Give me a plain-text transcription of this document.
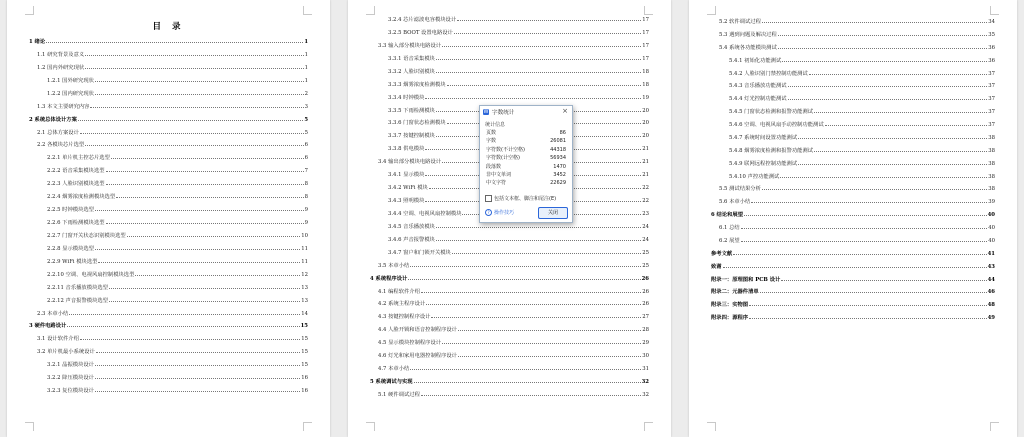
目 录
1 绪论	1
1.1 研究背景及意义	1
1.2 国内外研究现状	1
1.2.1 国外研究现状	1
1.2.2 国内研究现状	2
1.3 本文主要研究内容	3
2 系统总体设计方案	5
2.1 总体方案设计	5
2.2 各模块芯片选型	6
2.2.1 单片机主控芯片选型	6
2.2.2 语音采集模块选型	7
2.2.3 人脸识别模块选型	8
2.2.4 烟雾浓度检测模块选型	8
2.2.5 时钟模块选型	9
2.2.6 下雨检测模块选型	9
2.2.7 门窗开关状态识别模块选型	10
2.2.8 显示模块选型	11
2.2.9 WiFi 模块选型	11
2.2.10 空调、电视风扇控制模块选型	12
2.2.11 音乐播放模块选型	13
2.2.12 声音报警模块选型	13
2.3 本章小结	14
3 硬件电路设计	15
3.1 设计软件介绍	15
3.2 单片机最小系统设计	15
3.2.1 晶振模块设计	15
3.2.2 降压模块设计	16
3.2.3 复位模块设计	16
3.2.4 芯片滤波电容模块设计	17
3.2.5 BOOT 设置电路设计	17
3.3 输入部分模块电路设计	17
3.3.1 语音采集模块	17
3.3.2 人脸识别模块	18
3.3.3 烟雾浓度检测模块	18
3.3.4 时钟模块	19
3.3.5 下雨检测模块	20
3.3.6 门窗状态检测模块	20
3.3.7 按键控制模块	20
3.3.8 供电模块	21
3.4 输出部分模块电路设计	21
3.4.1 显示模块	21
3.4.2 WiFi 模块	22
3.4.3 照明模块	22
3.4.4 空调、电视风扇控制模块	23
3.4.5 音乐播放模块	24
3.4.6 声音报警模块	24
3.4.7 窗户和门锁开关模块	25
3.5 本章小结	25
4 系统程序设计	26
4.1 编程软件介绍	26
4.2 系统主程序设计	26
4.3 按键控制程序设计	27
4.4 人脸开锁和语音控制程序设计	28
4.5 显示模块控制程序设计	29
4.6 灯光和家用电器控制程序设计	30
4.7 本章小结	31
5 系统调试与实现	32
5.1 硬件调试过程	32
5.2 软件调试过程	34
5.3 遇到问题及解决过程	35
5.4 系统各功能模块测试	36
5.4.1 初始化功能测试	36
5.4.2 人脸识别门禁控制功能测试	37
5.4.3 音乐播放功能测试	37
5.4.4 灯光控制功能测试	37
5.4.5 门窗状态检测和报警功能测试	37
5.4.6 空调、电视风扇手动控制功能测试	37
5.4.7 系统时间设置功能测试	38
5.4.8 烟雾浓度检测和报警功能测试	38
5.4.9 联网远程控制功能测试	38
5.4.10 声控功能测试	38
5.5 测试结果分析	38
5.6 本章小结	39
6 结论和展望	40
6.1 总结	40
6.2 展望	40
参考文献	41
致谢	43
附录一：原理图和 PCB 设计	44
附录二：元器件清单	46
附录三：实物图	48
附录四：源程序	49
W 字数统计	×
统计信息
页数	86
字数	26081
字符数(不计空格)	44318
字符数(计空格)	56934
段落数	1470
非中文单词	3452
中文字符	22629
包括文本框、脚注和尾注(E)
? 操作技巧	关闭
